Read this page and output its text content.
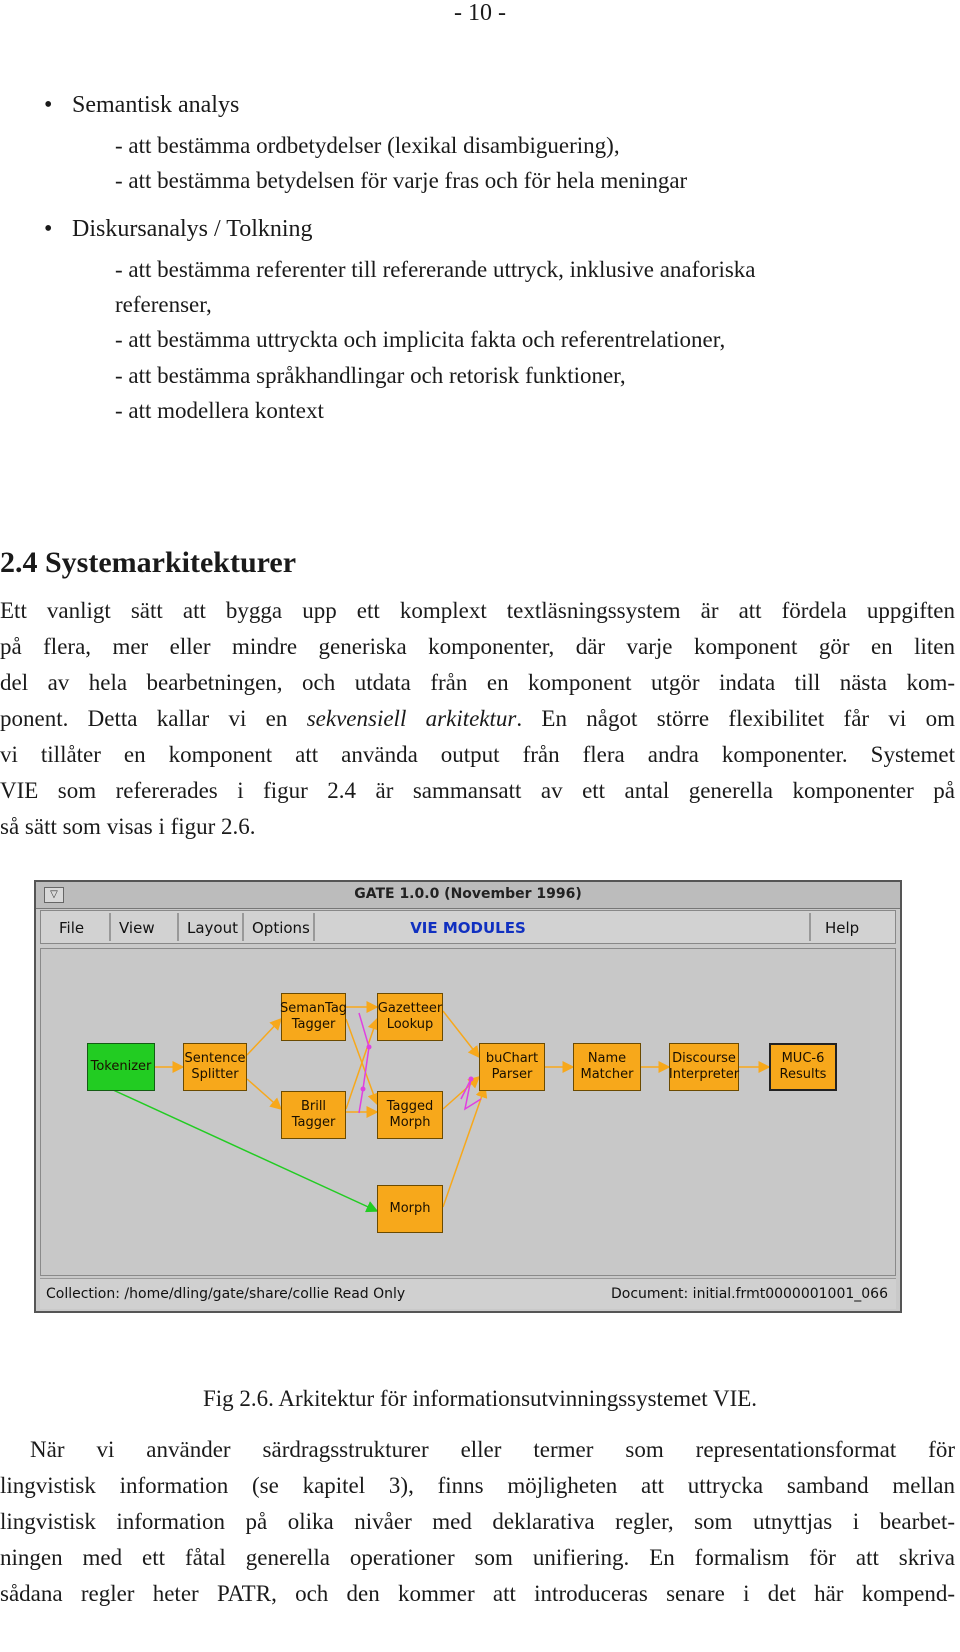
- 10 -
• Semantisk analys
- att bestämma ordbetydelser (lexikal disambiguering),
- att bestämma betydelsen för varje fras och för hela meningar
• Diskursanalys / Tolkning
- att bestämma referenter till refererande uttryck, inklusive anaforiska
referenser,
- att bestämma uttryckta och implicita fakta och referentrelationer,
- att bestämma språkhandlingar och retorisk funktioner,
- att modellera kontext
2.4 Systemarkitekturer
Ett vanligt sätt att bygga upp ett komplext textläsningssystem är att fördela uppgiften
på flera, mer eller mindre generiska komponenter, där varje komponent gör en liten
del av hela bearbetningen, och utdata från en komponent utgör indata till nästa kom-
ponent. Detta kallar vi en sekvensiell arkitektur. En något större flexibilitet får vi om
vi tillåter en komponent att använda output från flera andra komponenter. Systemet
VIE som refererades i figur 2.4 är sammansatt av ett antal generella komponenter på
så sätt som visas i figur 2.6.
▽	GATE 1.0.0 (November 1996)
File View Layout Options	VIE MODULES	Help
Tokenizer
Sentence
Splitter
SemanTag
Tagger
Gazetteer
Lookup
Brill Tagger
Tagged
Morph
Morph
buChart
Parser
Name
Matcher
Discourse
Interpreter
MUC-6
Results
Collection: /home/dling/gate/share/collie Read Only	Document: initial.frmt0000001001_066
Fig 2.6. Arkitektur för informationsutvinningssystemet VIE.
När vi använder särdragsstrukturer eller termer som representationsformat för
lingvistisk information (se kapitel 3), finns möjligheten att uttrycka samband mellan
lingvistisk information på olika nivåer med deklarativa regler, som utnyttjas i bearbet-
ningen med ett fåtal generella operationer som unifiering. En formalism för att skriva
sådana regler heter PATR, och den kommer att introduceras senare i det här kompend-
